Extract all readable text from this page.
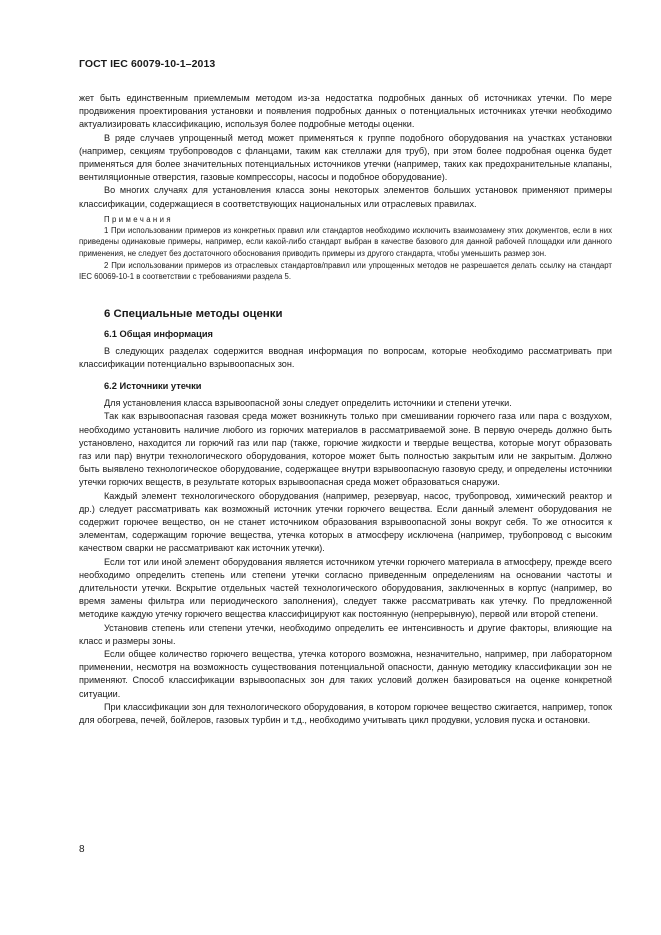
ГОСТ IEC 60079-10-1–2013

жет быть единственным приемлемым методом из-за недостатка подробных данных об источниках утечки. По мере продвижения проектирования установки и появления подробных данных о потенциальных источниках утечки необходимо актуализировать классификацию, используя более подробные методы оценки.

В ряде случаев упрощенный метод может применяться к группе подобного оборудования на участках установки (например, секциям трубопроводов с фланцами, таким как стеллажи для труб), при этом более подробная оценка будет применяться для более значительных потенциальных источников утечки (например, таких как предохранительные клапаны, вентиляционные отверстия, газовые компрессоры, насосы и подобное оборудование).

Во многих случаях для установления класса зоны некоторых элементов больших установок применяют примеры классификации, содержащиеся в соответствующих национальных или отраслевых правилах.

Примечания

1 При использовании примеров из конкретных правил или стандартов необходимо исключить взаимозамену этих документов, если в них приведены одинаковые примеры, например, если какой-либо стандарт выбран в качестве базового для данной рабочей площадки или данного применения, не следует без достаточного обоснования приводить примеры из другого стандарта, чтобы уменьшить размер зон.

2 При использовании примеров из отраслевых стандартов/правил или упрощенных методов не разрешается делать ссылку на стандарт IEC 60069-10-1 в соответствии с требованиями раздела 5.

6 Специальные методы оценки
6.1 Общая информация

В следующих разделах содержится вводная информация по вопросам, которые необходимо рассматривать при классификации потенциально взрывоопасных зон.

6.2 Источники утечки

Для установления класса взрывоопасной зоны следует определить источники и степени утечки.

Так как взрывоопасная газовая среда может возникнуть только при смешивании горючего газа или пара с воздухом, необходимо установить наличие любого из горючих материалов в рассматриваемой зоне. В первую очередь должно быть установлено, находится ли горючий газ или пар (также, горючие жидкости и твердые вещества, которые могут образовать газ или пар) внутри технологического оборудования, которое может быть полностью закрытым или не закрытым. Должно быть выявлено технологическое оборудование, содержащее внутри взрывоопасную газовую среду, и определены источники утечки горючих веществ, в результате которых взрывоопасная среда может образоваться снаружи.

Каждый элемент технологического оборудования (например, резервуар, насос, трубопровод, химический реактор и др.) следует рассматривать как возможный источник утечки горючего вещества. Если данный элемент оборудования не содержит горючее вещество, он не станет источником образования взрывоопасной зоны вокруг себя. То же относится к элементам, содержащим горючие вещества, утечка которых в атмосферу исключена (например, трубопровод с высоким качеством сварки не рассматривают как источник утечки).

Если тот или иной элемент оборудования является источником утечки горючего материала в атмосферу, прежде всего необходимо определить степень или степени утечки согласно приведенным определениям на основании частоты и длительности утечки. Вскрытие отдельных частей технологического оборудования, заключенных в корпус (например, во время замены фильтра или периодического заполнения), следует также рассматривать как утечку. По предложенной методике каждую утечку горючего вещества классифицируют как постоянную (непрерывную), первой или второй степени.

Установив степень или степени утечки, необходимо определить ее интенсивность и другие факторы, влияющие на класс и размеры зоны.

Если общее количество горючего вещества, утечка которого возможна, незначительно, например, при лабораторном применении, несмотря на возможность существования потенциальной опасности, данную методику классификации зон не применяют. Способ классификации взрывоопасных зон для таких условий должен базироваться на оценке конкретной ситуации.

При классификации зон для технологического оборудования, в котором горючее вещество сжигается, например, топок для обогрева, печей, бойлеров, газовых турбин и т.д., необходимо учитывать цикл продувки, условия пуска и остановки.

8
